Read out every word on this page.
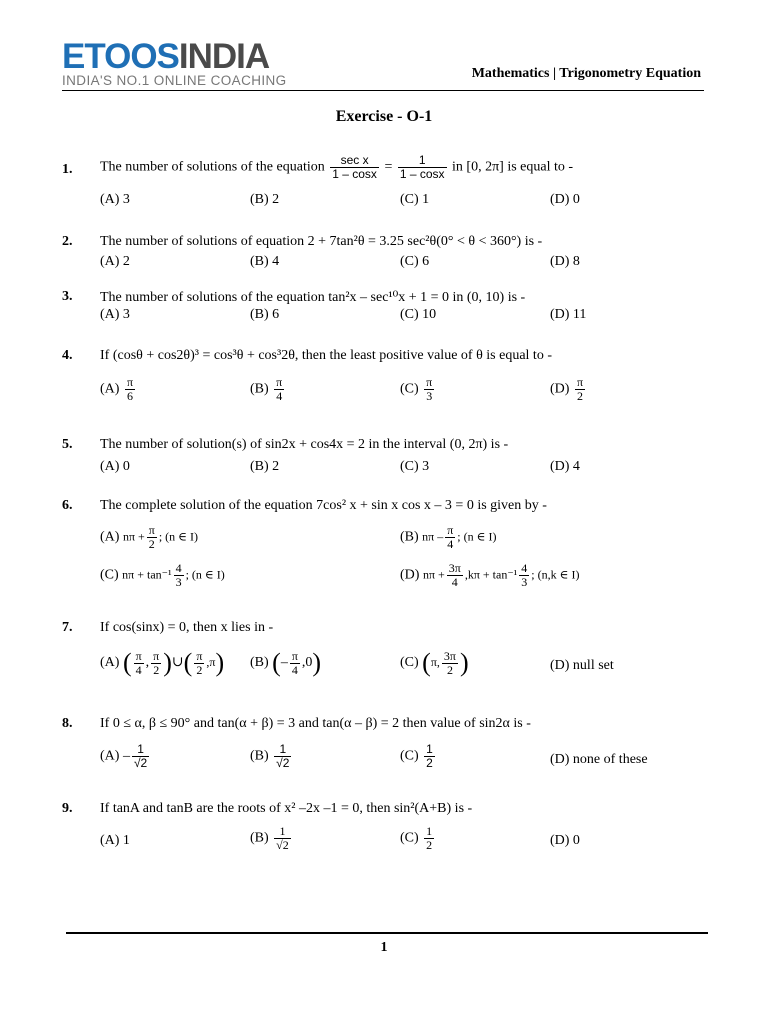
ETOOSINDIA
INDIA'S NO.1 ONLINE COACHING	Mathematics | Trigonometry Equation
Exercise - O-1
1. The number of solutions of the equation $\frac{\text{sec x}}{1 - \cos x} = \frac{1}{1 - \cos x}$ in [0, 2π] is equal to -
(A) 3	(B) 2	(C) 1	(D) 0
2. The number of solutions of equation 2 + 7tan²θ = 3.25 sec²θ(0° < θ < 360°) is -
(A) 2	(B) 4	(C) 6	(D) 8
3. The number of solutions of the equation tan²x – sec¹⁰x + 1 = 0 in (0, 10) is -
(A) 3	(B) 6	(C) 10	(D) 11
4. If (cosθ + cos2θ)³ = cos³θ + cos³2θ, then the least positive value of θ is equal to -
$(A) \frac{\pi}{6}$	$(B) \frac{\pi}{4}$	$(C) \frac{\pi}{3}$	$(D) \frac{\pi}{2}$
5. The number of solution(s) of sin2x + cos4x = 2 in the interval (0, 2π) is -
(A) 0	(B) 2	(C) 3	(D) 4
6. The complete solution of the equation 7cos² x + sin x cos x – 3 = 0 is given by -
(A) $n\pi + \frac{\pi}{2}$ ; (n ∈ I)	(B) nπ – $\frac{\pi}{4}$ ; (n ∈ I)
(C) $n\pi + \tan^{-1} \frac{4}{3}$ ; (n ∈ I)	(D) $n\pi + \frac{3\pi}{4} ,k\pi + \tan^{-1} \frac{4}{3}$ ; (n,k ∈ I)
7. If cos(sinx) = 0, then x lies in -
(A) ( $\frac{\pi}{4}$ , $\frac{\pi}{2}$ )∪( $\frac{\pi}{2} ,\pi$) (B) (– $\frac{\pi}{4} ,0$)	(C) (π, $\frac{3\pi}{2}$ )	(D) null set
8. If 0 ≤ α, β ≤ 90° and tan(α + β) = 3 and tan(α – β) = 2 then value of sin2α is -
$(A) - \frac{1}{√2}$	$(B) \frac{1}{√2}$	$(C) \frac{1}{2}$	(D) none of these
9. If tanA and tanB are the roots of x² –2x –1 = 0, then sin²(A+B) is -
(A) 1	$(B) \frac{1}{√2}$	$(C) \frac{1}{2}$	(D) 0
1
